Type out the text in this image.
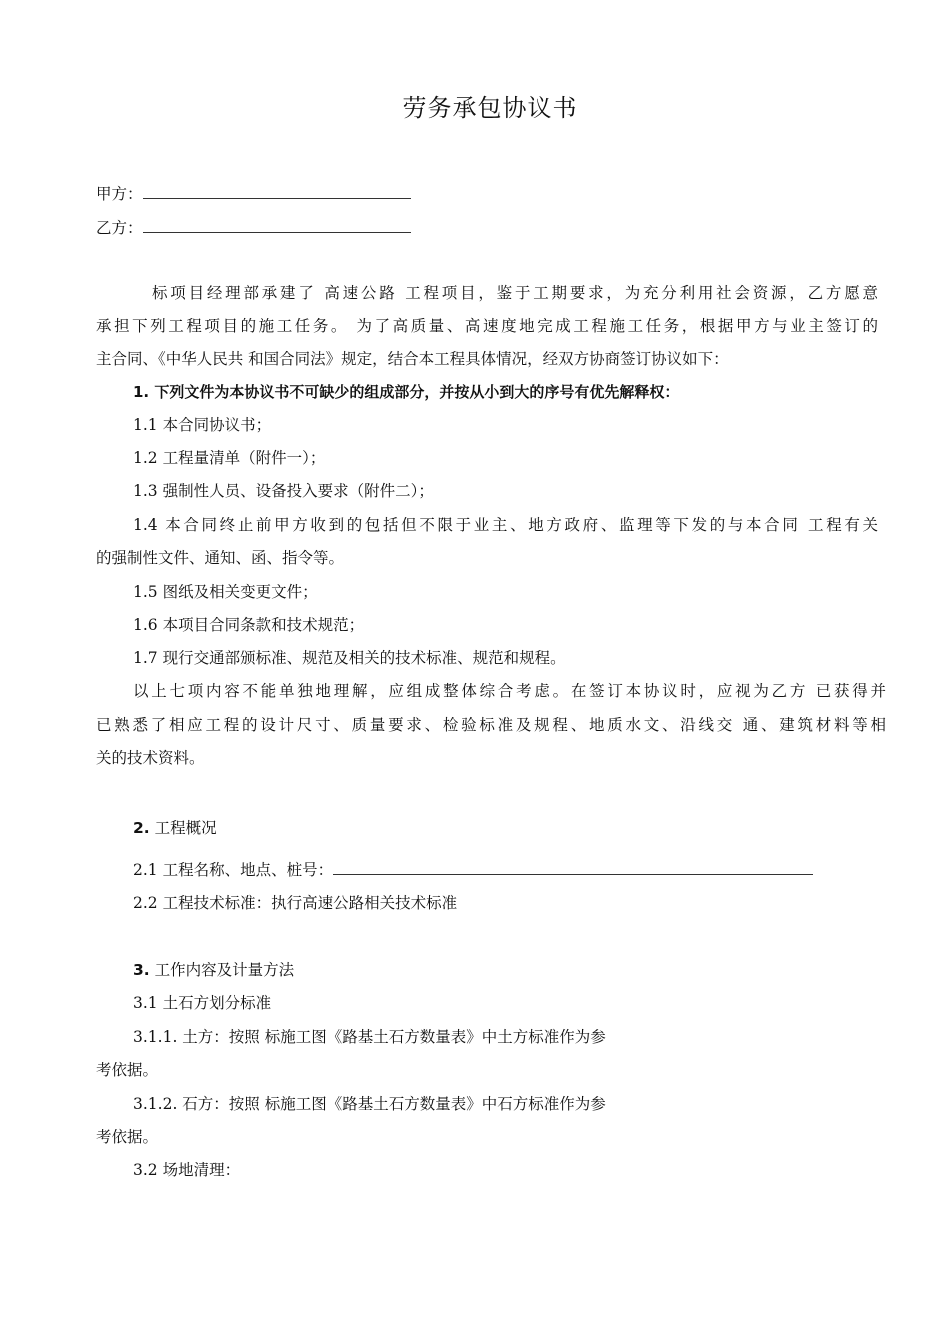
劳务承包协议书
甲方：
乙方：
标项目经理部承建了 高速公路 工程项目，鉴于工期要求，为充分利用社会资源，乙方愿意
承担下列工程项目的施工任务。 为了高质量、高速度地完成工程施工任务，根据甲方与业主签订的
主合同、《中华人民共 和国合同法》规定，结合本工程具体情况，经双方协商签订协议如下：
1. 下列文件为本协议书不可缺少的组成部分，并按从小到大的序号有优先解释权：
1.1 本合同协议书；
1.2 工程量清单（附件一）；
1.3 强制性人员、设备投入要求（附件二）；
1.4 本合同终止前甲方收到的包括但不限于业主、地方政府、监理等下发的与本合同 工程有关
的强制性文件、通知、函、指令等。
1.5 图纸及相关变更文件；
1.6 本项目合同条款和技术规范；
1.7 现行交通部颁标准、规范及相关的技术标准、规范和规程。
以上七项内容不能单独地理解，应组成整体综合考虑。在签订本协议时，应视为乙方 已获得并
已熟悉了相应工程的设计尺寸、质量要求、检验标准及规程、地质水文、沿线交 通、建筑材料等相
关的技术资料。
2. 工程概况
2.1 工程名称、地点、桩号：
2.2 工程技术标准：执行高速公路相关技术标准
3. 工作内容及计量方法
3.1 土石方划分标准
3.1.1. 土方：按照 标施工图《路基土石方数量表》中土方标准作为参
考依据。
3.1.2. 石方：按照 标施工图《路基土石方数量表》中石方标准作为参
考依据。
3.2 场地清理：
